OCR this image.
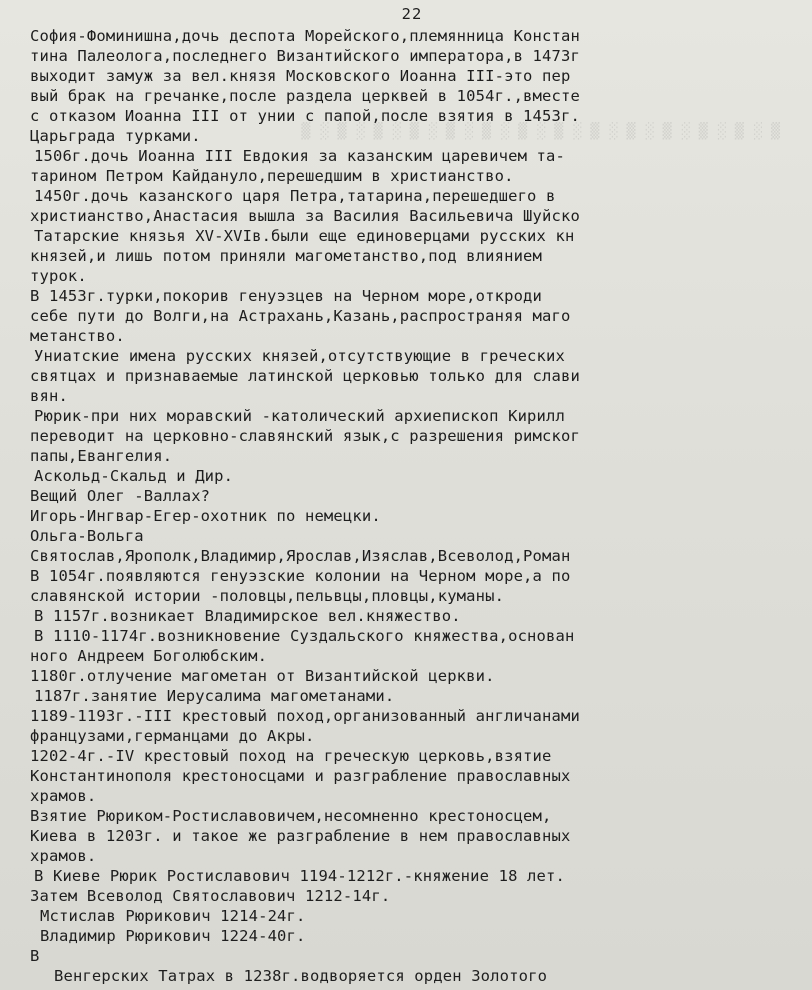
▒ ░ ▒ ░ ▒ ░ ▒ ░ ▒ ░ ▒ ░ ▒ ░ ▒ ░ ▒ ░ ▒ ░ ▒ ░ ▒ ░ ▒ ░ ▒
22
София-Фоминишна,дочь деспота Морейского,племянница Констан
тина Палеолога,последнего Византийского императора,в 1473г
выходит замуж за вел.князя Московского Иоанна III-это пер
вый брак на гречанке,после раздела церквей в 1054г.,вместе
с отказом Иоанна III от унии с папой,после взятия в 1453г.
Царьграда турками.
1506г.дочь Иоанна III Евдокия за казанским царевичем та-
тарином Петром Кайдануло,перешедшим в христианство.
1450г.дочь казанского царя Петра,татарина,перешедшего в
христианство,Анастасия вышла за Василия Васильевича Шуйско
Татарские князья XV-XVIв.были еще единоверцами русских кн
князей,и лишь потом приняли магометанство,под влиянием
турок.
В 1453г.турки,покорив генуэзцев на Черном море,откроди
себе пути до Волги,на Астрахань,Казань,распространяя маго
метанство.
Униатские имена русских князей,отсутствующие в греческих
святцах и признаваемые латинской церковью только для слави
вян.
Рюрик-при них моравский -католический архиепископ Кирилл
переводит на церковно-славянский язык,с разрешения римског
папы,Евангелия.
Аскольд-Скальд и Дир.
Вещий Олег -Валлах?
Игорь-Ингвар-Егер-охотник по немецки.
Ольга-Вольга
Святослав,Ярополк,Владимир,Ярослав,Изяслав,Всеволод,Роман
В 1054г.появляются генуэзские колонии на Черном море,а по
славянской истории -половцы,пельвцы,пловцы,куманы.
В 1157г.возникает Владимирское вел.княжество.
В 1110-1174г.возникновение Суздальского княжества,основан
ного Андреем Боголюбским.
1180г.отлучение магометан от Византийской церкви.
1187г.занятие Иерусалима магометанами.
1189-1193г.-III крестовый поход,организованный англичанами
французами,германцами до Акры.
1202-4г.-IV крестовый поход на греческую церковь,взятие
Константинополя крестоносцами и разграбление православных
храмов.
Взятие Рюриком-Ростиславовичем,несомненно крестоносцем,
Киева в 1203г. и такое же разграбление в нем православных
храмов.
В Киеве Рюрик Ростиславович 1194-1212г.-княжение 18 лет.
Затем Всеволод Святославович 1212-14г.
Мстислав Рюрикович 1214-24г.
Владимир Рюрикович 1224-40г.
В
Венгерских Татрах в 1238г.водворяется орден Золотого
